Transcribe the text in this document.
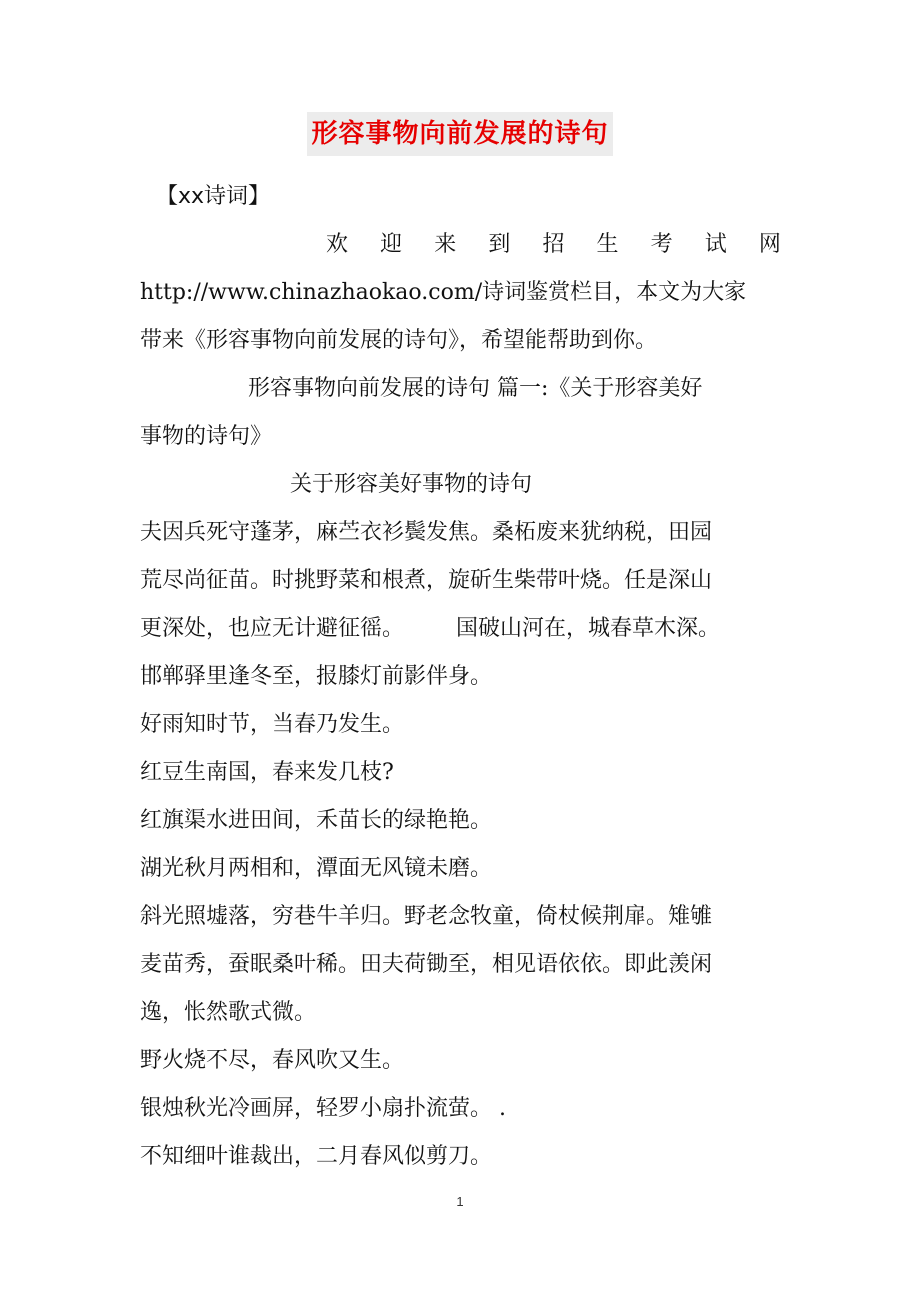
形容事物向前发展的诗句
【xx诗词】
欢 迎 来 到 招 生 考 试 网
http://www.chinazhaokao.com/诗词鉴赏栏目，本文为大家
带来《形容事物向前发展的诗句》，希望能帮助到你。
形容事物向前发展的诗句 篇一:《关于形容美好
事物的诗句》
关于形容美好事物的诗句
夫因兵死守蓬茅，麻苎衣衫鬓发焦。桑柘废来犹纳税，田园
荒尽尚征苗。时挑野菜和根煮，旋斫生柴带叶烧。任是深山
更深处，也应无计避征徭。 国破山河在，城春草木深。
邯郸驿里逢冬至，报膝灯前影伴身。
好雨知时节，当春乃发生。
红豆生南国，春来发几枝?
红旗渠水进田间，禾苗长的绿艳艳。
湖光秋月两相和，潭面无风镜未磨。
斜光照墟落，穷巷牛羊归。野老念牧童，倚杖候荆扉。雉雊
麦苗秀，蚕眠桑叶稀。田夫荷锄至，相见语依依。即此羡闲
逸，怅然歌式微。
野火烧不尽，春风吹又生。
银烛秋光冷画屏，轻罗小扇扑流萤。 .
不知细叶谁裁出，二月春风似剪刀。
1
